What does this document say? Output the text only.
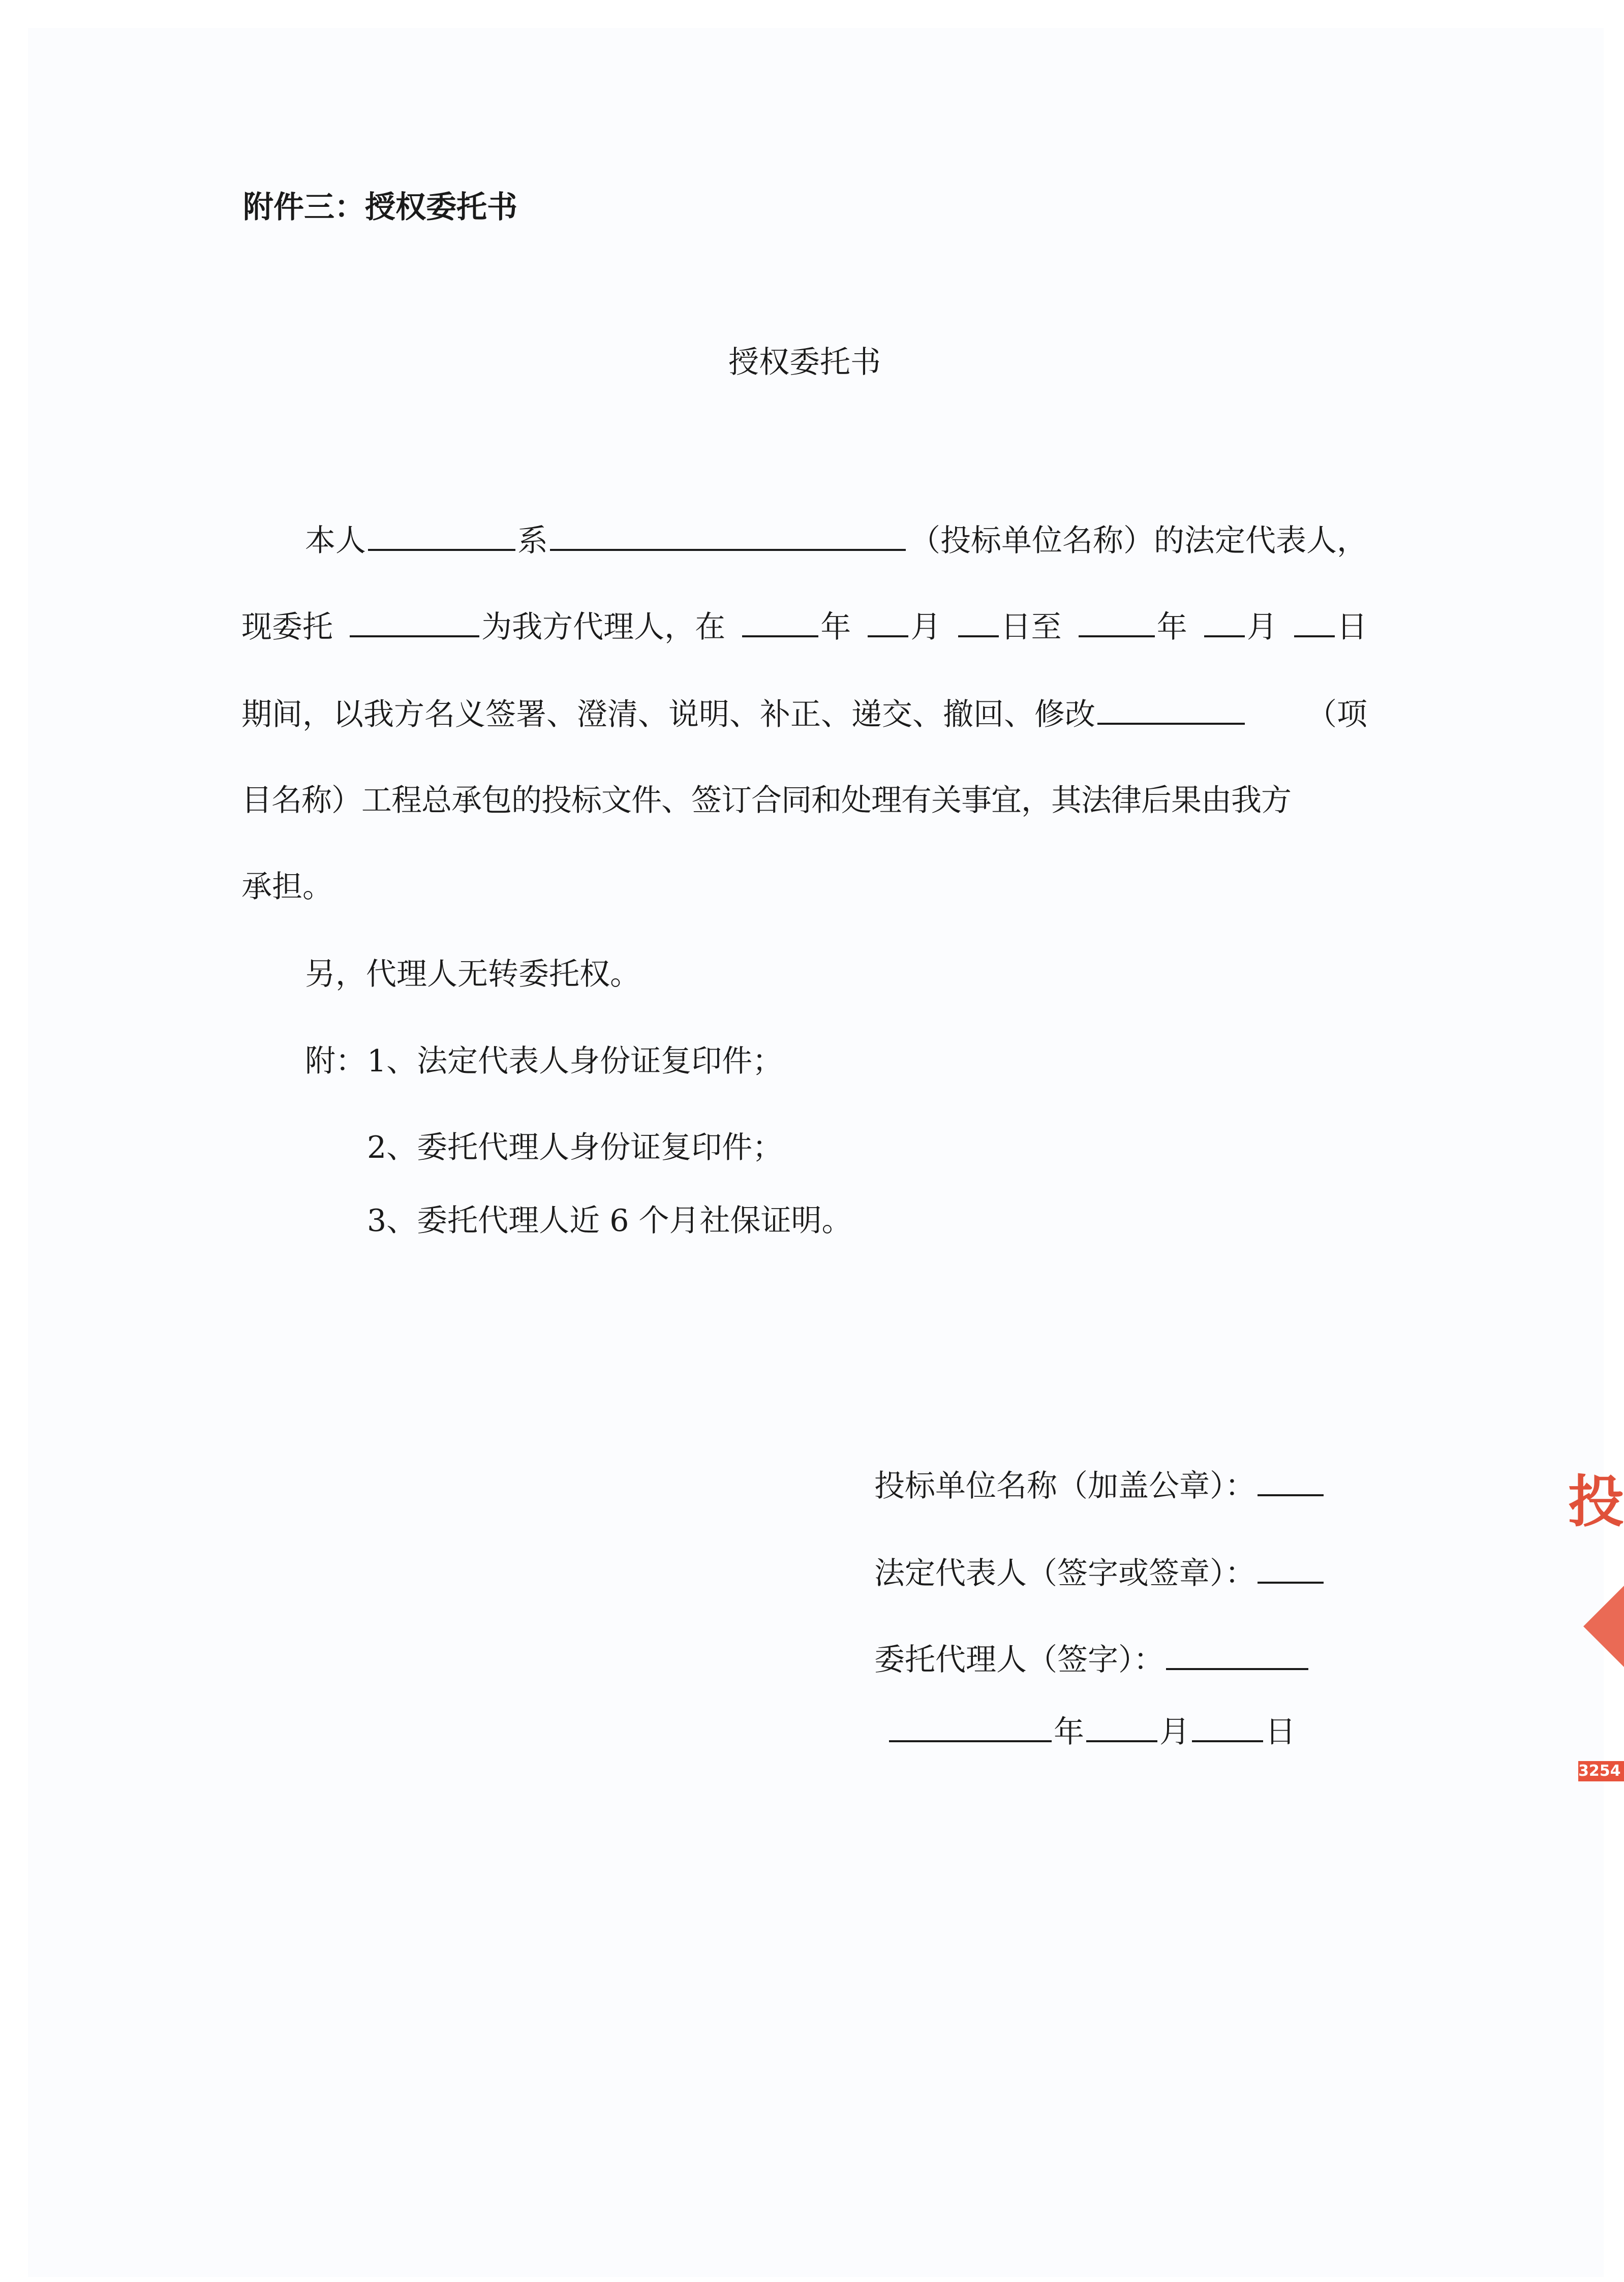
附件三：授权委托书
授权委托书
本人	系	（投标单位名称）的法定代表人，
现委托	为我方代理人，在	年	月	日至	年	月	日
期间，以我方名义签署、澄清、说明、补正、递交、撤回、修改	（项
目名称）工程总承包的投标文件、签订合同和处理有关事宜，其法律后果由我方
承担。
另，代理人无转委托权。
附： 1、法定代表人身份证复印件；
2、委托代理人身份证复印件；
3、委托代理人近 6 个月社保证明。
投标单位名称（加盖公章）：
法定代表人（签字或签章）：
委托代理人（签字）：
年 月 日
投
3254
